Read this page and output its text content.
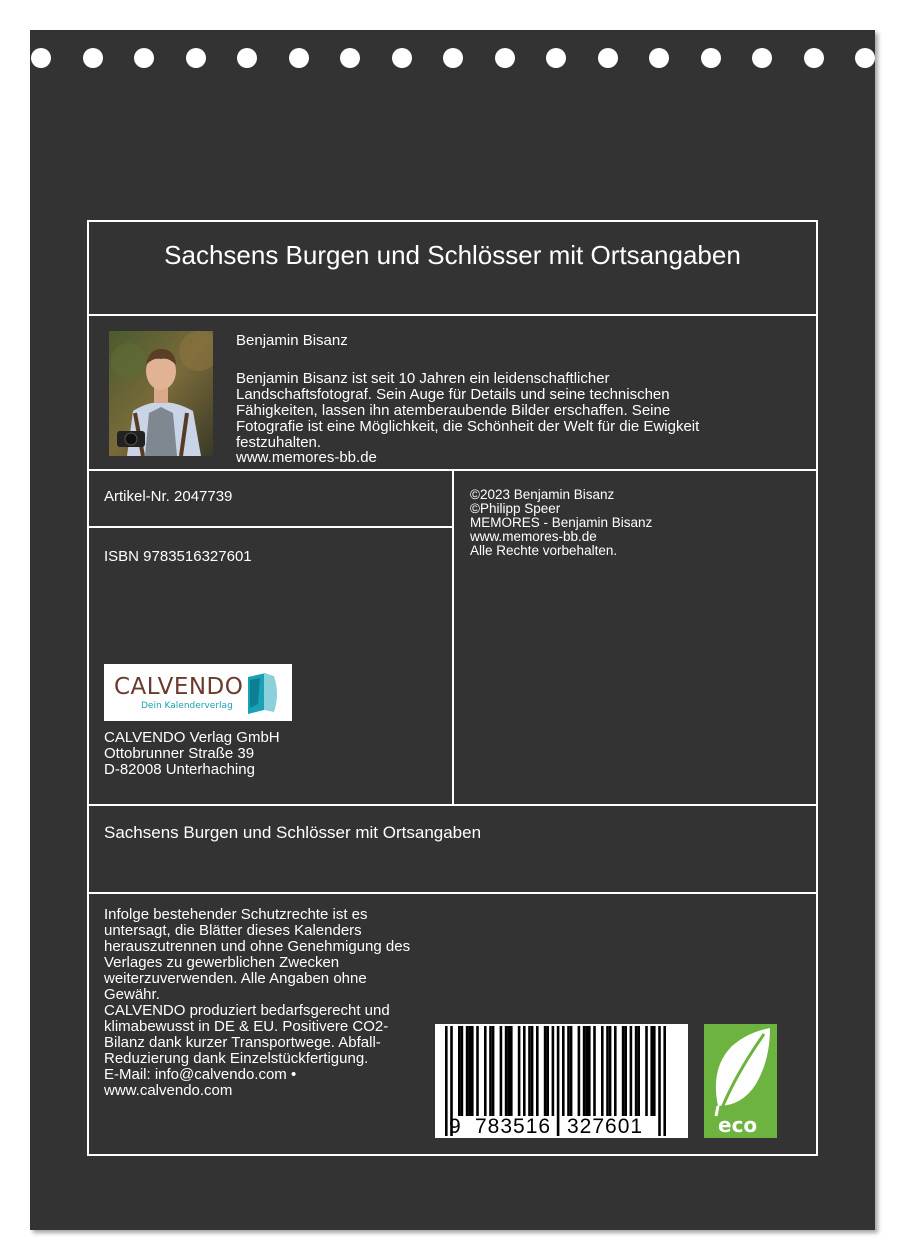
Sachsens Burgen und Schlösser mit Ortsangaben
Benjamin Bisanz
Benjamin Bisanz ist seit 10 Jahren ein leidenschaftlicher
Landschaftsfotograf. Sein Auge für Details und seine technischen
Fähigkeiten, lassen ihn atemberaubende Bilder erschaffen. Seine
Fotografie ist eine Möglichkeit, die Schönheit der Welt für die Ewigkeit
festzuhalten.
www.memores-bb.de
Artikel-Nr. 2047739
ISBN 9783516327601
©2023 Benjamin Bisanz
©Philipp Speer
MEMORES - Benjamin Bisanz
www.memores-bb.de
Alle Rechte vorbehalten.
CALVENDO
Dein Kalenderverlag
CALVENDO Verlag GmbH
Ottobrunner Straße 39
D-82008 Unterhaching
Sachsens Burgen und Schlösser mit Ortsangaben
Infolge bestehender Schutzrechte ist es
untersagt, die Blätter dieses Kalenders
herauszutrennen und ohne Genehmigung des
Verlages zu gewerblichen Zwecken
weiterzuverwenden. Alle Angaben ohne
Gewähr.
CALVENDO produziert bedarfsgerecht und
klimabewusst in DE & EU. Positivere CO2-
Bilanz dank kurzer Transportwege. Abfall-
Reduzierung dank Einzelstückfertigung.
E-Mail: info@calvendo.com •
www.calvendo.com
9 783516 327601	eco
